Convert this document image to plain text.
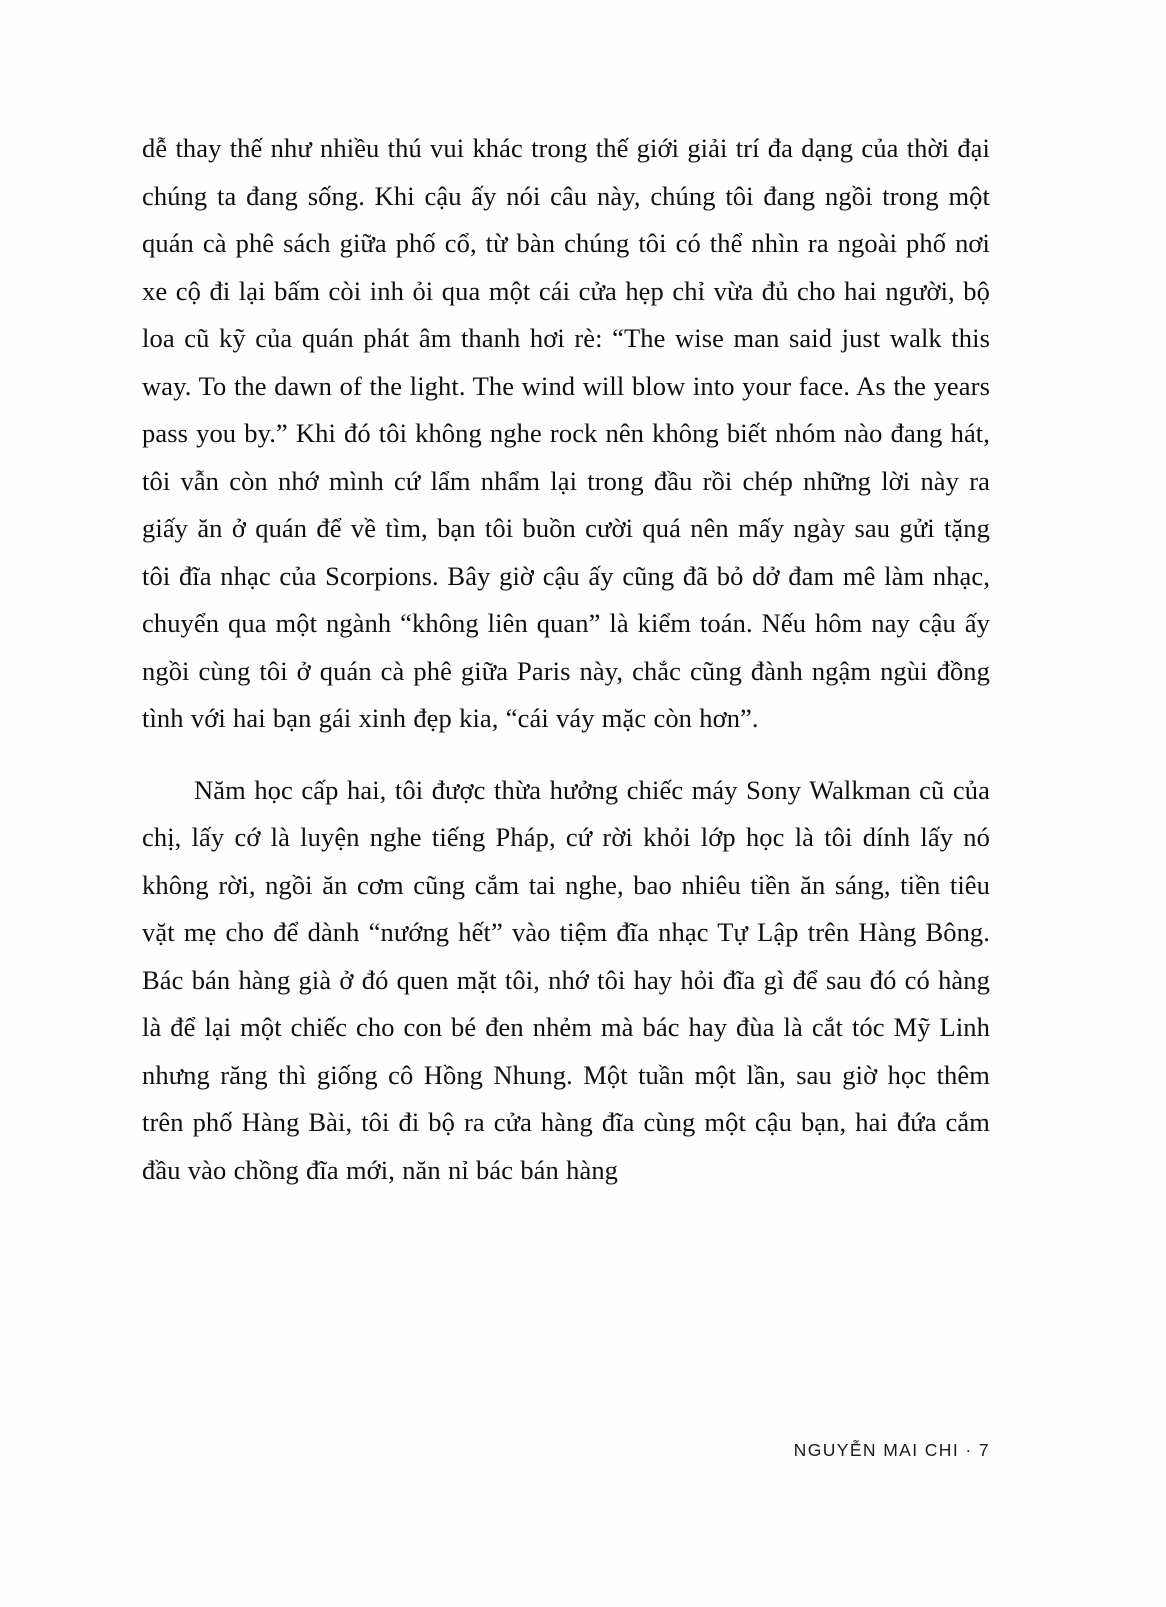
dễ thay thế như nhiều thú vui khác trong thế giới giải trí đa dạng của thời đại chúng ta đang sống. Khi cậu ấy nói câu này, chúng tôi đang ngồi trong một quán cà phê sách giữa phố cổ, từ bàn chúng tôi có thể nhìn ra ngoài phố nơi xe cộ đi lại bấm còi inh ỏi qua một cái cửa hẹp chỉ vừa đủ cho hai người, bộ loa cũ kỹ của quán phát âm thanh hơi rè: “The wise man said just walk this way. To the dawn of the light. The wind will blow into your face. As the years pass you by.” Khi đó tôi không nghe rock nên không biết nhóm nào đang hát, tôi vẫn còn nhớ mình cứ lẩm nhẩm lại trong đầu rồi chép những lời này ra giấy ăn ở quán để về tìm, bạn tôi buồn cười quá nên mấy ngày sau gửi tặng tôi đĩa nhạc của Scorpions. Bây giờ cậu ấy cũng đã bỏ dở đam mê làm nhạc, chuyển qua một ngành “không liên quan” là kiểm toán. Nếu hôm nay cậu ấy ngồi cùng tôi ở quán cà phê giữa Paris này, chắc cũng đành ngậm ngùi đồng tình với hai bạn gái xinh đẹp kia, “cái váy mặc còn hơn”.

Năm học cấp hai, tôi được thừa hưởng chiếc máy Sony Walkman cũ của chị, lấy cớ là luyện nghe tiếng Pháp, cứ rời khỏi lớp học là tôi dính lấy nó không rời, ngồi ăn cơm cũng cắm tai nghe, bao nhiêu tiền ăn sáng, tiền tiêu vặt mẹ cho để dành “nướng hết” vào tiệm đĩa nhạc Tự Lập trên Hàng Bông. Bác bán hàng già ở đó quen mặt tôi, nhớ tôi hay hỏi đĩa gì để sau đó có hàng là để lại một chiếc cho con bé đen nhẻm mà bác hay đùa là cắt tóc Mỹ Linh nhưng răng thì giống cô Hồng Nhung. Một tuần một lần, sau giờ học thêm trên phố Hàng Bài, tôi đi bộ ra cửa hàng đĩa cùng một cậu bạn, hai đứa cắm đầu vào chồng đĩa mới, năn nỉ bác bán hàng

NGUYỄN MAI CHI · 7
